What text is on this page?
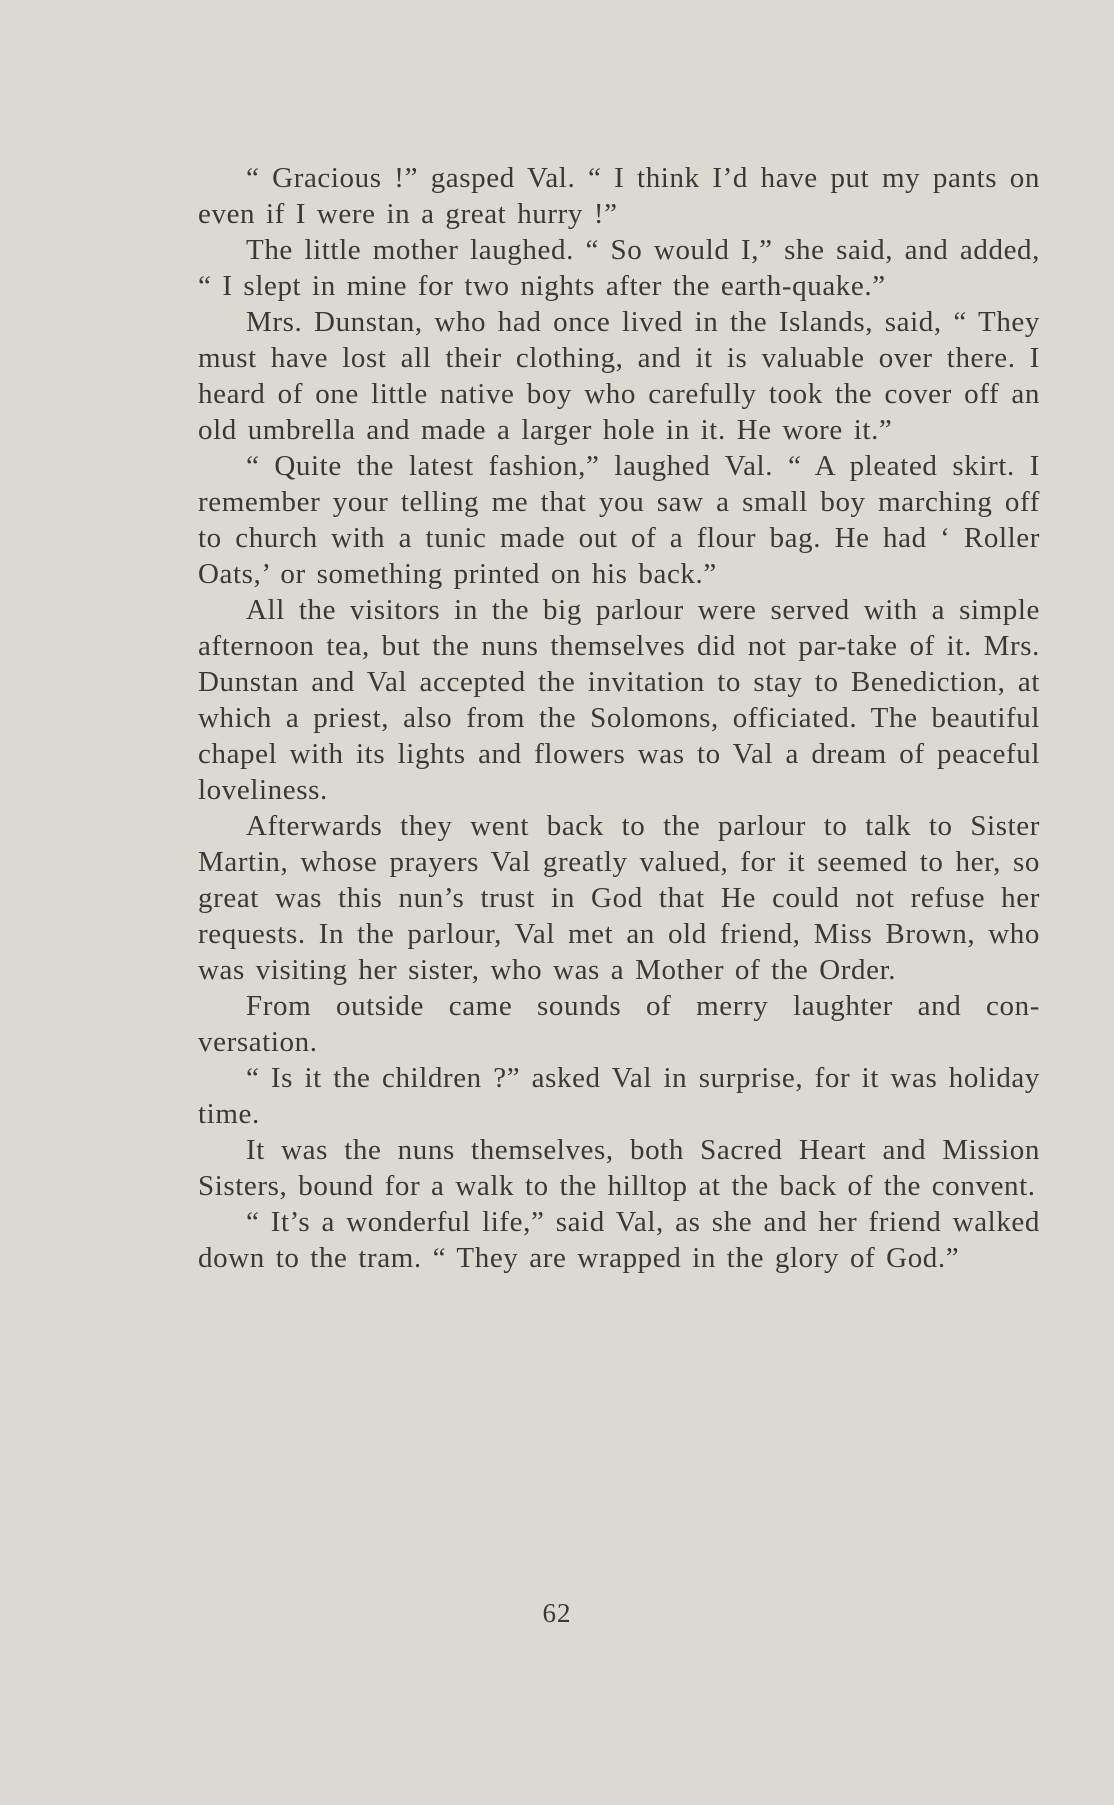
“ Gracious !” gasped Val. “ I think I’d have put my pants on even if I were in a great hurry !”

The little mother laughed. “ So would I,” she said, and added, “ I slept in mine for two nights after the earth-quake.”

Mrs. Dunstan, who had once lived in the Islands, said, “ They must have lost all their clothing, and it is valuable over there. I heard of one little native boy who carefully took the cover off an old umbrella and made a larger hole in it. He wore it.”

“ Quite the latest fashion,” laughed Val. “ A pleated skirt. I remember your telling me that you saw a small boy marching off to church with a tunic made out of a flour bag. He had ‘ Roller Oats,’ or something printed on his back.”

All the visitors in the big parlour were served with a simple afternoon tea, but the nuns themselves did not par-take of it. Mrs. Dunstan and Val accepted the invitation to stay to Benediction, at which a priest, also from the Solomons, officiated. The beautiful chapel with its lights and flowers was to Val a dream of peaceful loveliness.

Afterwards they went back to the parlour to talk to Sister Martin, whose prayers Val greatly valued, for it seemed to her, so great was this nun’s trust in God that He could not refuse her requests. In the parlour, Val met an old friend, Miss Brown, who was visiting her sister, who was a Mother of the Order.

From outside came sounds of merry laughter and con-versation.

“ Is it the children ?” asked Val in surprise, for it was holiday time.

It was the nuns themselves, both Sacred Heart and Mission Sisters, bound for a walk to the hilltop at the back of the convent.

“ It’s a wonderful life,” said Val, as she and her friend walked down to the tram. “ They are wrapped in the glory of God.”

62
